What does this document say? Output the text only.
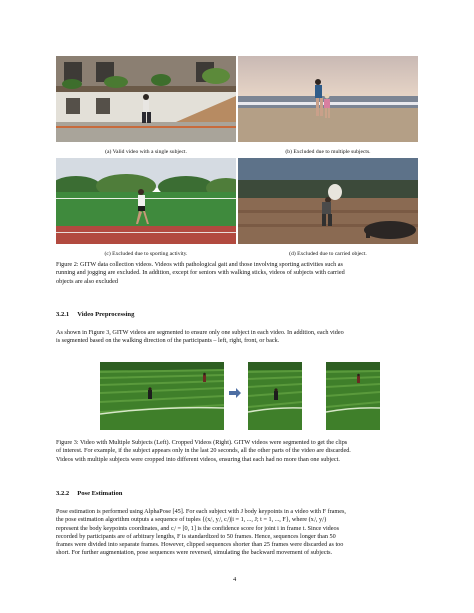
(a) Valid video with a single subject.	(b) Excluded due to multiple subjects.
(c) Excluded due to sporting activity.	(d) Excluded due to carried object.
Figure 2: GITW data collection videos. Videos with pathological gait and those involving sporting activities such as
running and jogging are excluded. In addition, except for seniors with walking sticks, videos of subjects with carried
objects are also excluded
3.2.1 Video Preprocessing
As shown in Figure 3, GITW videos are segmented to ensure only one subject in each video. In addition, each video
is segmented based on the walking direction of the participants – left, right, front, or back.
Figure 3: Video with Multiple Subjects (Left). Cropped Videos (Right). GITW videos were segmented to get the clips
of interest. For example, if the subject appears only in the last 20 seconds, all the other parts of the video are discarded.
Videos with multiple subjects were cropped into different videos, ensuring that each had no more than one subject.
3.2.2 Pose Estimation
Pose estimation is performed using AlphaPose [45]. For each subject with J body keypoints in a video with F frames,
the pose estimation algorithm outputs a sequence of tuples {(xᵢᵗ, yᵢᵗ, cᵢᵗ)|i = 1, ..., J; t = 1, ..., F}, where (xᵢᵗ, yᵢᵗ)
represent the body keypoints coordinates, and cᵢᵗ = [0, 1] is the confidence score for joint i in frame t. Since videos
recorded by participants are of arbitrary lengths, F is standardized to 50 frames. Hence, sequences longer than 50
frames were divided into separate frames. However, clipped sequences shorter than 25 frames were discarded as too
short. For further augmentation, pose sequences were reversed, simulating the backward movement of subjects.
4
